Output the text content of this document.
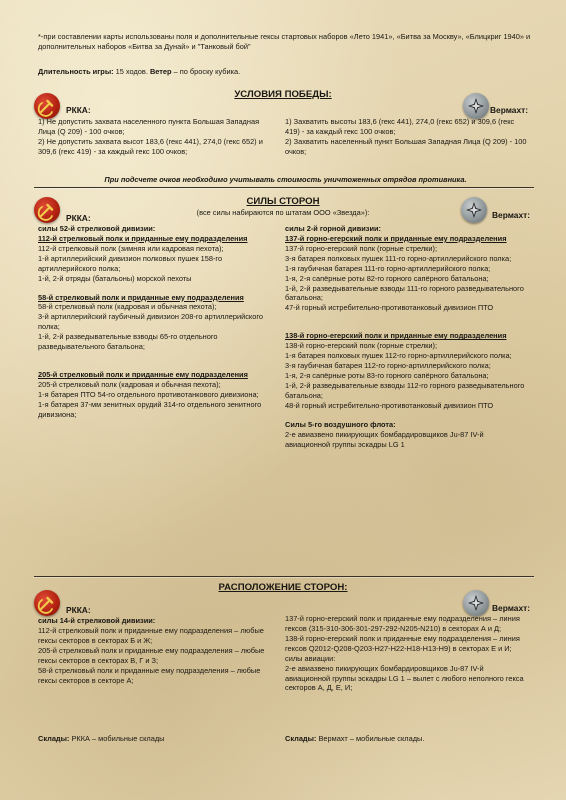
*-при составлении карты использованы поля и дополнительные гексы стартовых наборов «Лето 1941», «Битва за Москву», «Блицкриг 1940» и дополнительных наборов «Битва за Дунай» и "Танковый бой"
Длительность игры: 15 ходов. Ветер – по броску кубика.
УСЛОВИЯ ПОБЕДЫ:
РККА:	Вермахт:
1) Не допустить захвата населенного пункта Большая Западная Лица (Q 209) - 100 очков;
2) Не допустить захвата высот 183,6 (гекс 441), 274,0 (гекс 652) и 309,6 (гекс 419) - за каждый гекс 100 очков;
1) Захватить высоты 183,6 (гекс 441), 274,0 (гекс 652) и 309,6 (гекс 419) - за каждый гекс 100 очков;
2) Захватить населенный пункт Большая Западная Лица (Q 209) - 100 очков;
При подсчете очков необходимо учитывать стоимость уничтоженных отрядов противника.
СИЛЫ СТОРОН
(все силы набираются по штатам ООО «Звезда»):
РККА:	Вермахт:
силы 52-й стрелковой дивизии:
112-й стрелковый полк и приданные ему подразделения
112-й стрелковый полк (зимняя или кадровая пехота);
1-й артиллерийский дивизион полковых пушек 158-го артиллерийского полка;
1-й, 2-й отряды (батальоны) морской пехоты
58-й стрелковый полк и приданные ему подразделения
58-й стрелковый полк (кадровая и обычная пехота);
3-й артиллерийский гаубичный дивизион 208-го артиллерийского полка;
1-й, 2-й разведывательные взводы 65-го отдельного разведывательного батальона;
205-й стрелковый полк и приданные ему подразделения
205-й стрелковый полк (кадровая и обычная пехота);
1-я батарея ПТО 54-го отдельного противотанкового дивизиона;
1-я батарея 37-мм зенитных орудий 314-го отдельного зенитного дивизиона;
силы 2-й горной дивизии:
137-й горно-егерский полк и приданные ему подразделения
137-й горно-егерский полк (горные стрелки);
3-я батарея полковых пушек 111-го горно-артиллерийского полка;
1-я гаубичная батарея 111-го горно-артиллерийского полка;
1-я, 2-я сапёрные роты 82-го горного сапёрного батальона;
1-й, 2-й разведывательные взводы 111-го горного разведывательного батальона;
47-й горный истребительно-противотанковый дивизион ПТО
138-й горно-егерский полк и приданные ему подразделения
138-й горно-егерский полк (горные стрелки);
1-я батарея полковых пушек 112-го горно-артиллерийского полка;
3-я гаубичная батарея 112-го горно-артиллерийского полка;
1-я, 2-я сапёрные роты 83-го горного сапёрного батальона;
1-й, 2-й разведывательные взводы 112-го горного разведывательного батальона;
48-й горный истребительно-противотанковый дивизион ПТО
Силы 5-го воздушного флота:
2-е авиазвено пикирующих бомбардировщиков Ju-87 IV-й авиационной группы эскадры LG 1
РАСПОЛОЖЕНИЕ СТОРОН:
РККА:	Вермахт:
силы 14-й стрелковой дивизии:
112-й стрелковый полк и приданные ему подразделения – любые гексы секторов в секторах Б и Ж;
205-й стрелковый полк и приданные ему подразделения – любые гексы секторов в секторах В, Г и З;
58-й стрелковый полк и приданные ему подразделения – любые гексы секторов в секторе А;
137-й горно-егерский полк и приданные ему подразделения – линия гексов (315-310-306-301-297-292-N205-N210) в секторах А и Д;
138-й горно-егерский полк и приданные ему подразделения – линия гексов Q2012-Q208-Q203-H27-H22-H18-H13-H9) в секторах Е и И;
силы авиации:
2-е авиазвено пикирующих бомбардировщиков Ju-87 IV-й авиационной группы эскадры LG 1 – вылет с любого неполного гекса секторов А, Д, Е, И;
Склады: РККА – мобильные склады	Склады: Вермахт – мобильные склады.
